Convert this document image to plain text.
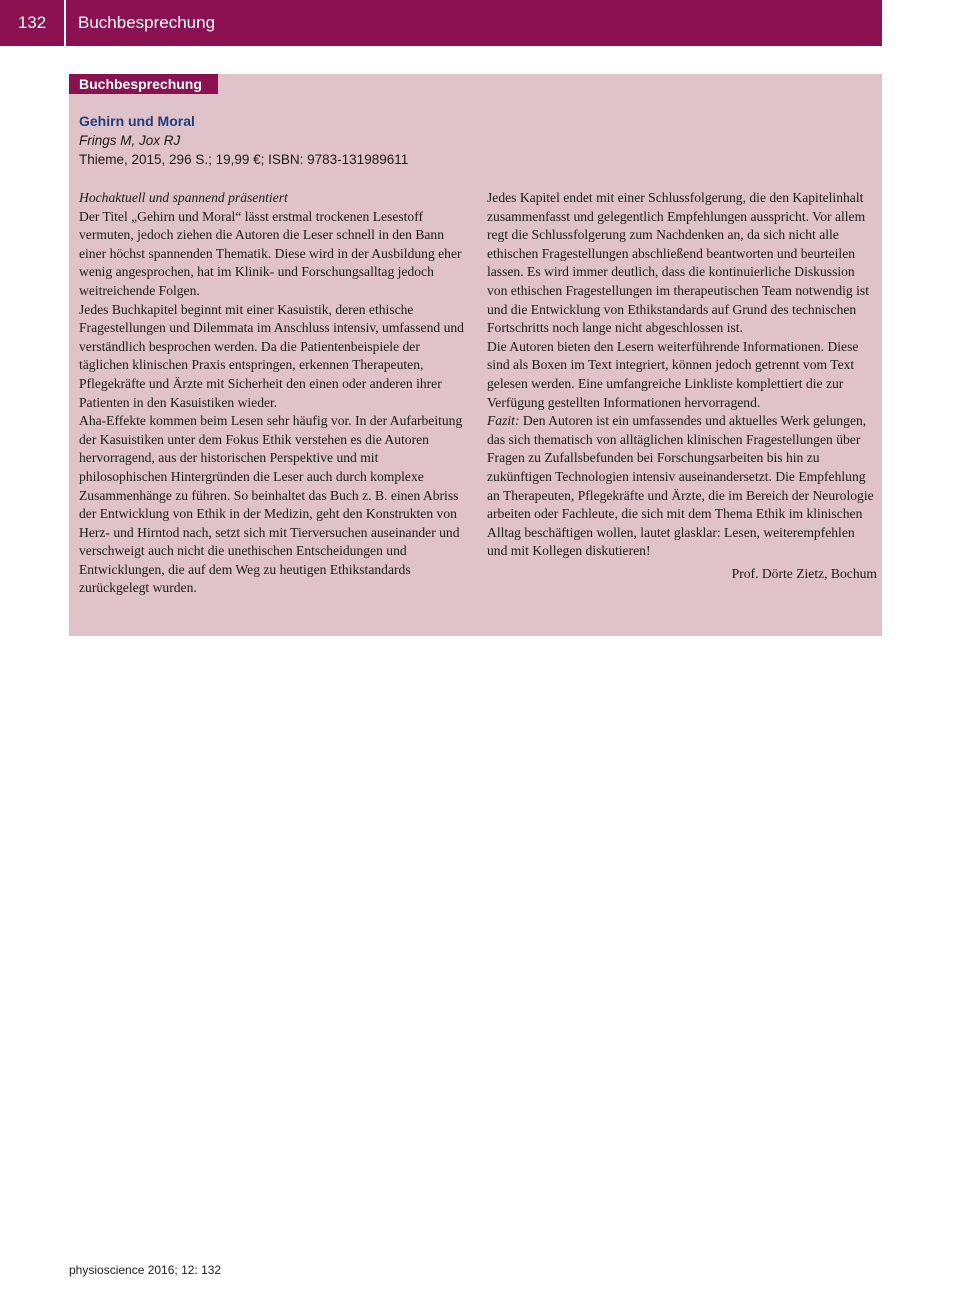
132	Buchbesprechung
Buchbesprechung
Gehirn und Moral
Frings M, Jox RJ
Thieme, 2015, 296 S.; 19,99 €; ISBN: 9783-131989611

Hochaktuell und spannend präsentiert

Der Titel „Gehirn und Moral“ lässt erstmal trockenen Lesestoff vermuten, jedoch ziehen die Autoren die Leser schnell in den Bann einer höchst spannenden Thematik. Diese wird in der Ausbildung eher wenig angesprochen, hat im Klinik- und Forschungsalltag jedoch weitreichende Folgen.

Jedes Buchkapitel beginnt mit einer Kasuistik, deren ethische Fragestellungen und Dilemmata im Anschluss intensiv, umfassend und verständlich besprochen werden. Da die Patientenbeispiele der täglichen klinischen Praxis entspringen, erkennen Therapeuten, Pflegekräfte und Ärzte mit Sicherheit den einen oder anderen ihrer Patienten in den Kasuistiken wieder.

Aha-Effekte kommen beim Lesen sehr häufig vor. In der Aufarbeitung der Kasuistiken unter dem Fokus Ethik verstehen es die Autoren hervorragend, aus der historischen Perspektive und mit philosophischen Hintergründen die Leser auch durch komplexe Zusammenhänge zu führen. So beinhaltet das Buch z. B. einen Abriss der Entwicklung von Ethik in der Medizin, geht den Konstrukten von Herz- und Hirntod nach, setzt sich mit Tierversuchen auseinander und verschweigt auch nicht die unethischen Entscheidungen und Entwicklungen, die auf dem Weg zu heutigen Ethikstandards zurückgelegt wurden.

Jedes Kapitel endet mit einer Schlussfolgerung, die den Kapitelinhalt zusammenfasst und gelegentlich Empfehlungen ausspricht. Vor allem regt die Schlussfolgerung zum Nachdenken an, da sich nicht alle ethischen Fragestellungen abschließend beantworten und beurteilen lassen. Es wird immer deutlich, dass die kontinuierliche Diskussion von ethischen Fragestellungen im therapeutischen Team notwendig ist und die Entwicklung von Ethikstandards auf Grund des technischen Fortschritts noch lange nicht abgeschlossen ist.

Die Autoren bieten den Lesern weiterführende Informationen. Diese sind als Boxen im Text integriert, können jedoch getrennt vom Text gelesen werden. Eine umfangreiche Linkliste komplettiert die zur Verfügung gestellten Informationen hervorragend.

Fazit: Den Autoren ist ein umfassendes und aktuelles Werk gelungen, das sich thematisch von alltäglichen klinischen Fragestellungen über Fragen zu Zufallsbefunden bei Forschungsarbeiten bis hin zu zukünftigen Technologien intensiv auseinandersetzt. Die Empfehlung an Therapeuten, Pflegekräfte und Ärzte, die im Bereich der Neurologie arbeiten oder Fachleute, die sich mit dem Thema Ethik im klinischen Alltag beschäftigen wollen, lautet glasklar: Lesen, weiterempfehlen und mit Kollegen diskutieren!

Prof. Dörte Zietz, Bochum

physioscience 2016; 12: 132
